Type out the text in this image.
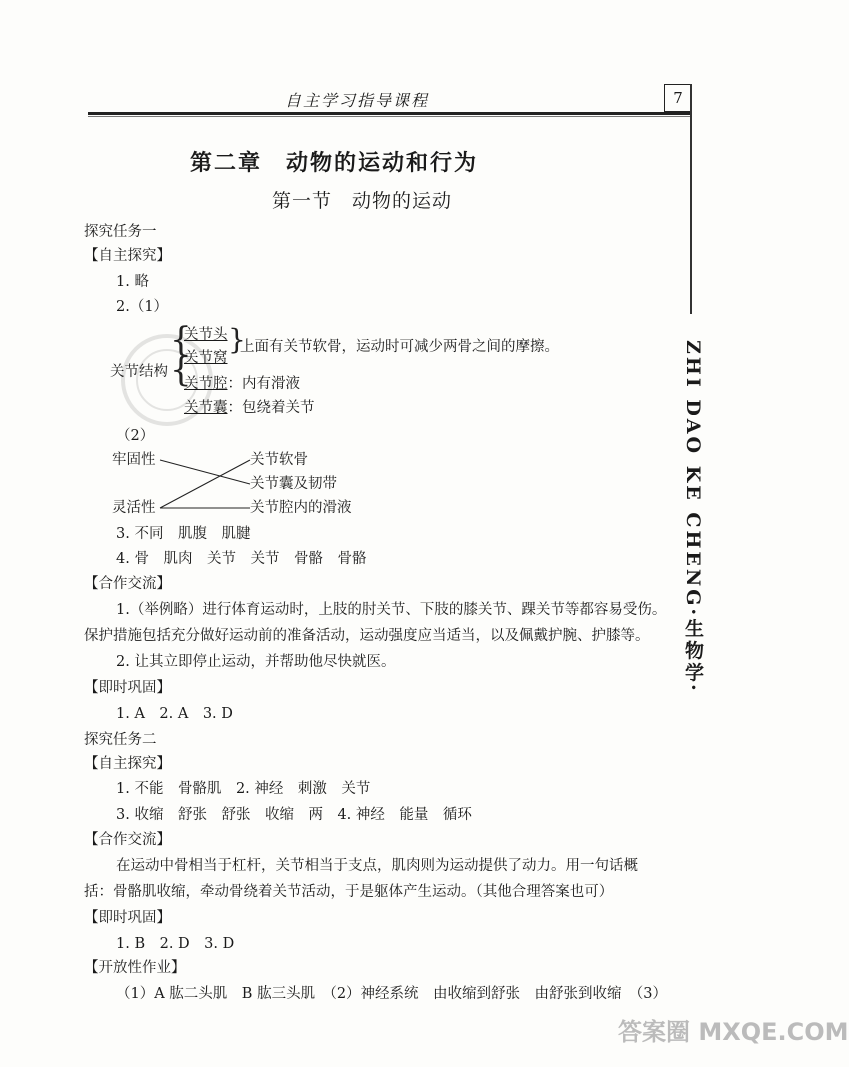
自主学习指导课程	7
ZHI DAO KE CHENG·生物学·
第二章　动物的运动和行为
第一节　动物的运动
探究任务一
【自主探究】
1. 略
2.（1）
关节结构
{
{
关节头
关节窝
}
上面有关节软骨，运动时可减少两骨之间的摩擦。
关节腔：内有滑液
关节囊：包绕着关节
（2）
牢固性
灵活性
关节软骨
关节囊及韧带
关节腔内的滑液
3. 不同　肌腹　肌腱
4. 骨　肌肉　关节　关节　骨骼　骨骼
【合作交流】
1.（举例略）进行体育运动时，上肢的肘关节、下肢的膝关节、踝关节等都容易受伤。
保护措施包括充分做好运动前的准备活动，运动强度应当适当，以及佩戴护腕、护膝等。
2. 让其立即停止运动，并帮助他尽快就医。
【即时巩固】
1. A　2. A　3. D
探究任务二
【自主探究】
1. 不能　骨骼肌　2. 神经　刺激　关节
3. 收缩　舒张　舒张　收缩　两　4. 神经　能量　循环
【合作交流】
在运动中骨相当于杠杆，关节相当于支点，肌肉则为运动提供了动力。用一句话概
括：骨骼肌收缩，牵动骨绕着关节活动，于是躯体产生运动。（其他合理答案也可）
【即时巩固】
1. B　2. D　3. D
【开放性作业】
（1）A 肱二头肌　B 肱三头肌　（2）神经系统　由收缩到舒张　由舒张到收缩　（3）
答案圈 MXQE.COM
